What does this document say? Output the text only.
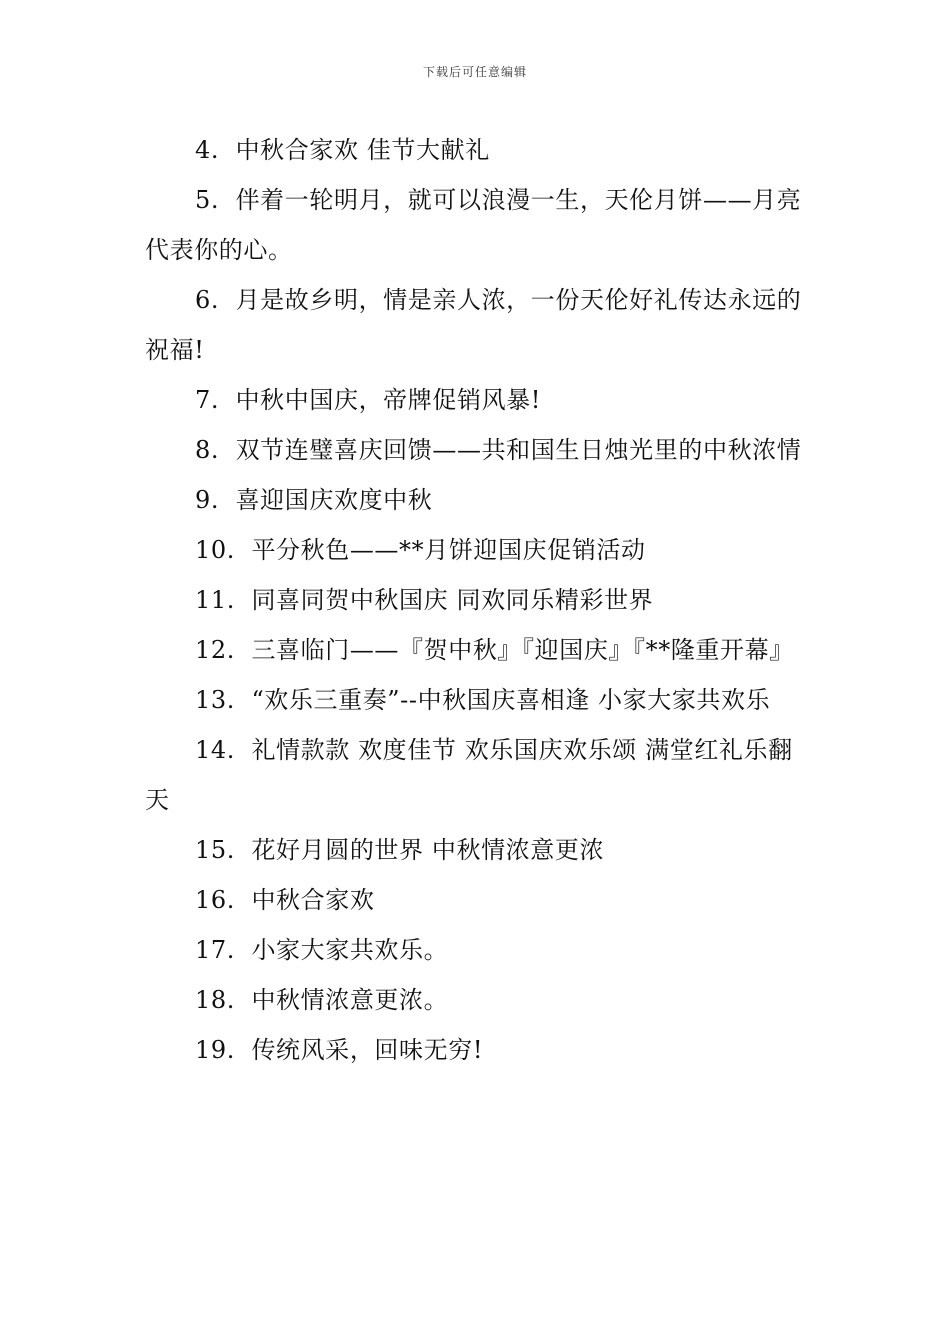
下载后可任意编辑

4. 中秋合家欢 佳节大献礼

5. 伴着一轮明月，就可以浪漫一生，天伦月饼——月亮代表你的心。

6. 月是故乡明，情是亲人浓，一份天伦好礼传达永远的祝福!

7. 中秋中国庆，帝牌促销风暴!

8. 双节连璧喜庆回馈——共和国生日烛光里的中秋浓情

9. 喜迎国庆欢度中秋

10. 平分秋色——**月饼迎国庆促销活动

11. 同喜同贺中秋国庆 同欢同乐精彩世界

12. 三喜临门——『贺中秋』『迎国庆』『**隆重开幕』

13. “欢乐三重奏”--中秋国庆喜相逢 小家大家共欢乐

14. 礼情款款 欢度佳节 欢乐国庆欢乐颂 满堂红礼乐翻天

15. 花好月圆的世界 中秋情浓意更浓

16. 中秋合家欢

17. 小家大家共欢乐。

18. 中秋情浓意更浓。

19. 传统风采，回味无穷!
